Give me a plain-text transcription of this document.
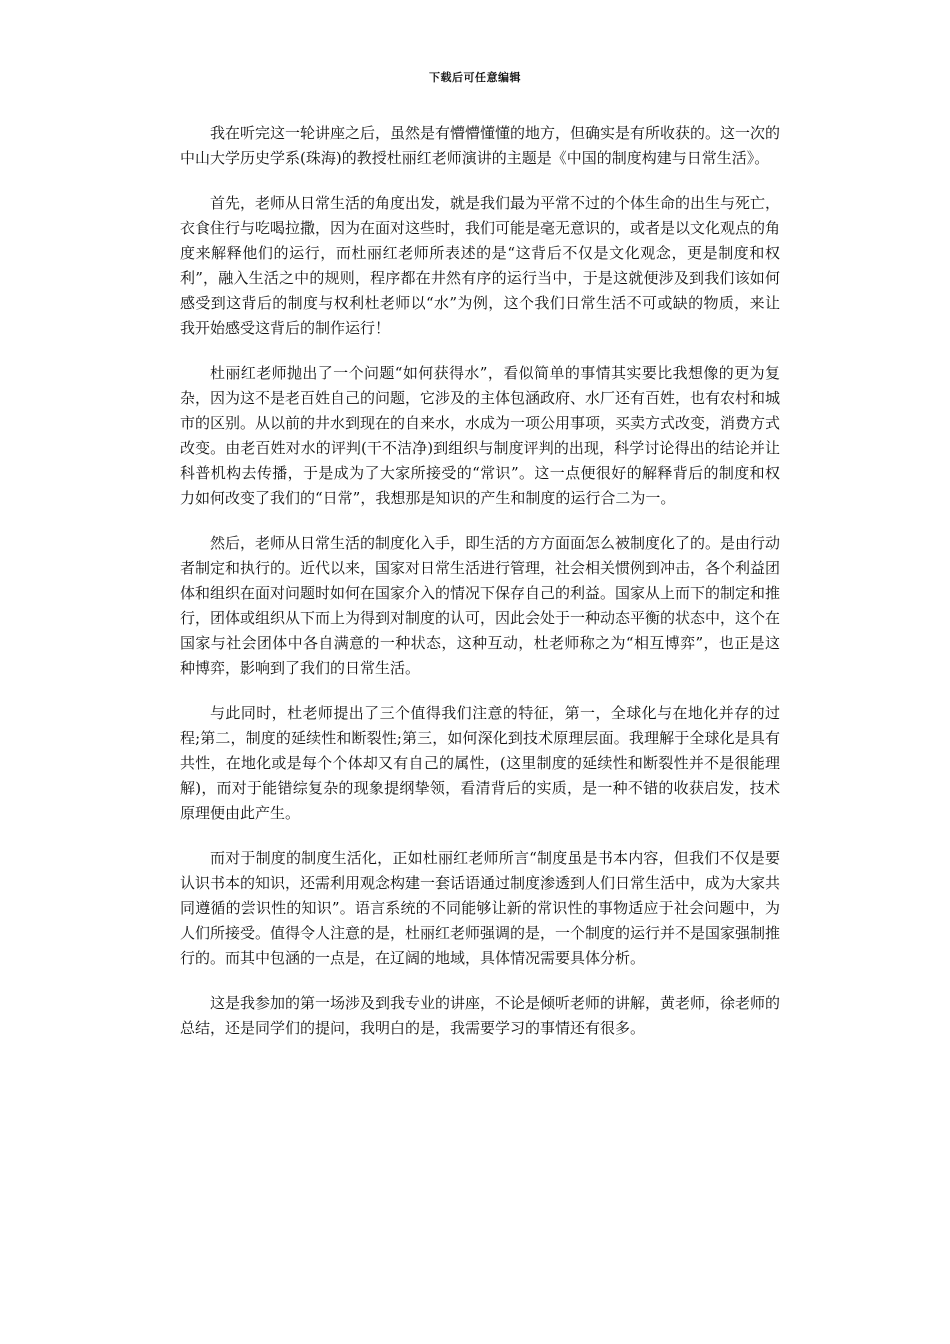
下载后可任意编辑

我在听完这一轮讲座之后，虽然是有懵懵懂懂的地方，但确实是有所收获的。这一次的中山大学历史学系(珠海)的教授杜丽红老师演讲的主题是《中国的制度构建与日常生活》。

首先，老师从日常生活的角度出发，就是我们最为平常不过的个体生命的出生与死亡，衣食住行与吃喝拉撒，因为在面对这些时，我们可能是毫无意识的，或者是以文化观点的角度来解释他们的运行，而杜丽红老师所表述的是“这背后不仅是文化观念，更是制度和权利”，融入生活之中的规则，程序都在井然有序的运行当中，于是这就便涉及到我们该如何感受到这背后的制度与权利杜老师以“水”为例，这个我们日常生活不可或缺的物质，来让我开始感受这背后的制作运行！

杜丽红老师抛出了一个问题“如何获得水”，看似简单的事情其实要比我想像的更为复杂，因为这不是老百姓自己的问题，它涉及的主体包涵政府、水厂还有百姓，也有农村和城市的区别。从以前的井水到现在的自来水，水成为一项公用事项，买卖方式改变，消费方式改变。由老百姓对水的评判(干不洁净)到组织与制度评判的出现，科学讨论得出的结论并让科普机构去传播，于是成为了大家所接受的“常识”。这一点便很好的解释背后的制度和权力如何改变了我们的“日常”，我想那是知识的产生和制度的运行合二为一。

然后，老师从日常生活的制度化入手，即生活的方方面面怎么被制度化了的。是由行动者制定和执行的。近代以来，国家对日常生活进行管理，社会相关惯例到冲击，各个利益团体和组织在面对问题时如何在国家介入的情况下保存自己的利益。国家从上而下的制定和推行，团体或组织从下而上为得到对制度的认可，因此会处于一种动态平衡的状态中，这个在国家与社会团体中各自满意的一种状态，这种互动，杜老师称之为“相互博弈”，也正是这种博弈，影响到了我们的日常生活。

与此同时，杜老师提出了三个值得我们注意的特征，第一，全球化与在地化并存的过程;第二，制度的延续性和断裂性;第三，如何深化到技术原理层面。我理解于全球化是具有共性，在地化或是每个个体却又有自己的属性，(这里制度的延续性和断裂性并不是很能理解)，而对于能错综复杂的现象提纲挚领，看清背后的实质，是一种不错的收获启发，技术原理便由此产生。

而对于制度的制度生活化，正如杜丽红老师所言“制度虽是书本内容，但我们不仅是要认识书本的知识，还需利用观念构建一套话语通过制度渗透到人们日常生活中，成为大家共同遵循的尝识性的知识”。语言系统的不同能够让新的常识性的事物适应于社会问题中，为人们所接受。值得令人注意的是，杜丽红老师强调的是，一个制度的运行并不是国家强制推行的。而其中包涵的一点是，在辽阔的地域，具体情况需要具体分析。

这是我参加的第一场涉及到我专业的讲座，不论是倾听老师的讲解，黄老师，徐老师的总结，还是同学们的提问，我明白的是，我需要学习的事情还有很多。
